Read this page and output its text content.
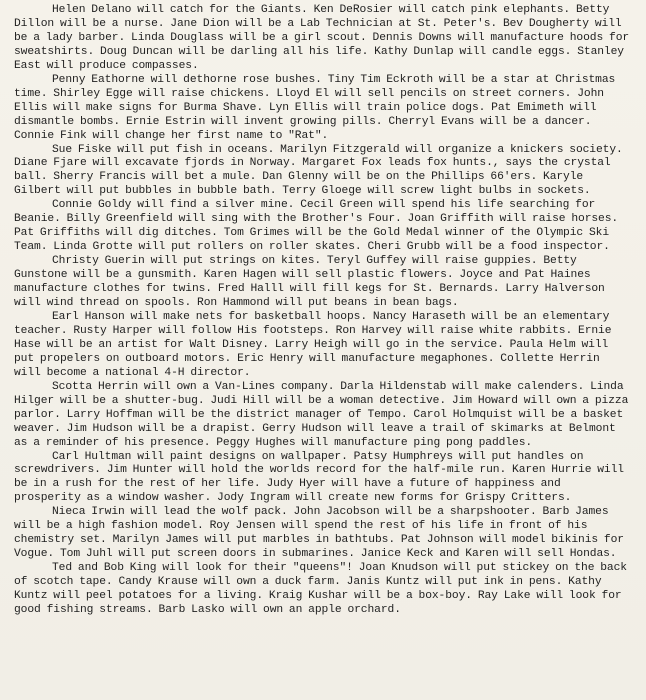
Helen Delano will catch for the Giants. Ken DeRosier will catch pink elephants. Betty Dillon will be a nurse. Jane Dion will be a Lab Technician at St. Peter's. Bev Dougherty will be a lady barber. Linda Douglass will be a girl scout. Dennis Downs will manufacture hoods for sweatshirts. Doug Duncan will be darling all his life. Kathy Dunlap will candle eggs. Stanley East will produce compasses.

Penny Eathorne will dethorne rose bushes. Tiny Tim Eckroth will be a star at Christmas time. Shirley Egge will raise chickens. Lloyd El will sell pencils on street corners. John Ellis will make signs for Burma Shave. Lyn Ellis will train police dogs. Pat Emimeth will dismantle bombs. Ernie Estrin will invent growing pills. Cherryl Evans will be a dancer. Connie Fink will change her first name to "Rat".

Sue Fiske will put fish in oceans. Marilyn Fitzgerald will organize a knickers society. Diane Fjare will excavate fjords in Norway. Margaret Fox leads fox hunts., says the crystal ball. Sherry Francis will bet a mule. Dan Glenny will be on the Phillips 66'ers. Karyle Gilbert will put bubbles in bubble bath. Terry Gloege will screw light bulbs in sockets.

Connie Goldy will find a silver mine. Cecil Green will spend his life searching for Beanie. Billy Greenfield will sing with the Brother's Four. Joan Griffith will raise horses. Pat Griffiths will dig ditches. Tom Grimes will be the Gold Medal winner of the Olympic Ski Team. Linda Grotte will put rollers on roller skates. Cheri Grubb will be a food inspector.

Christy Guerin will put strings on kites. Teryl Guffey will raise guppies. Betty Gunstone will be a gunsmith. Karen Hagen will sell plastic flowers. Joyce and Pat Haines manufacture clothes for twins. Fred Halll will fill kegs for St. Bernards. Larry Halverson will wind thread on spools. Ron Hammond will put beans in bean bags.

Earl Hanson will make nets for basketball hoops. Nancy Haraseth will be an elementary teacher. Rusty Harper will follow His footsteps. Ron Harvey will raise white rabbits. Ernie Hase will be an artist for Walt Disney. Larry Heigh will go in the service. Paula Helm will put propelers on outboard motors. Eric Henry will manufacture megaphones. Collette Herrin will become a national 4-H director.

Scotta Herrin will own a Van-Lines company. Darla Hildenstab will make calenders. Linda Hilger will be a shutter-bug. Judi Hill will be a woman detective. Jim Howard will own a pizza parlor. Larry Hoffman will be the district manager of Tempo. Carol Holmquist will be a basket weaver. Jim Hudson will be a drapist. Gerry Hudson will leave a trail of skimarks at Belmont as a reminder of his presence. Peggy Hughes will manufacture ping pong paddles.

Carl Hultman will paint designs on wallpaper. Patsy Humphreys will put handles on screwdrivers. Jim Hunter will hold the worlds record for the half-mile run. Karen Hurrie will be in a rush for the rest of her life. Judy Hyer will have a future of happiness and prosperity as a window washer. Jody Ingram will create new forms for Grispy Critters.

Nieca Irwin will lead the wolf pack. John Jacobson will be a sharpshooter. Barb James will be a high fashion model. Roy Jensen will spend the rest of his life in front of his chemistry set. Marilyn James will put marbles in bathtubs. Pat Johnson will model bikinis for Vogue. Tom Juhl will put screen doors in submarines. Janice Keck and Karen will sell Hondas.

Ted and Bob King will look for their "queens"! Joan Knudson will put stickey on the back of scotch tape. Candy Krause will own a duck farm. Janis Kuntz will put ink in pens. Kathy Kuntz will peel potatoes for a living. Kraig Kushar will be a box-boy. Ray Lake will look for good fishing streams. Barb Lasko will own an apple orchard.
